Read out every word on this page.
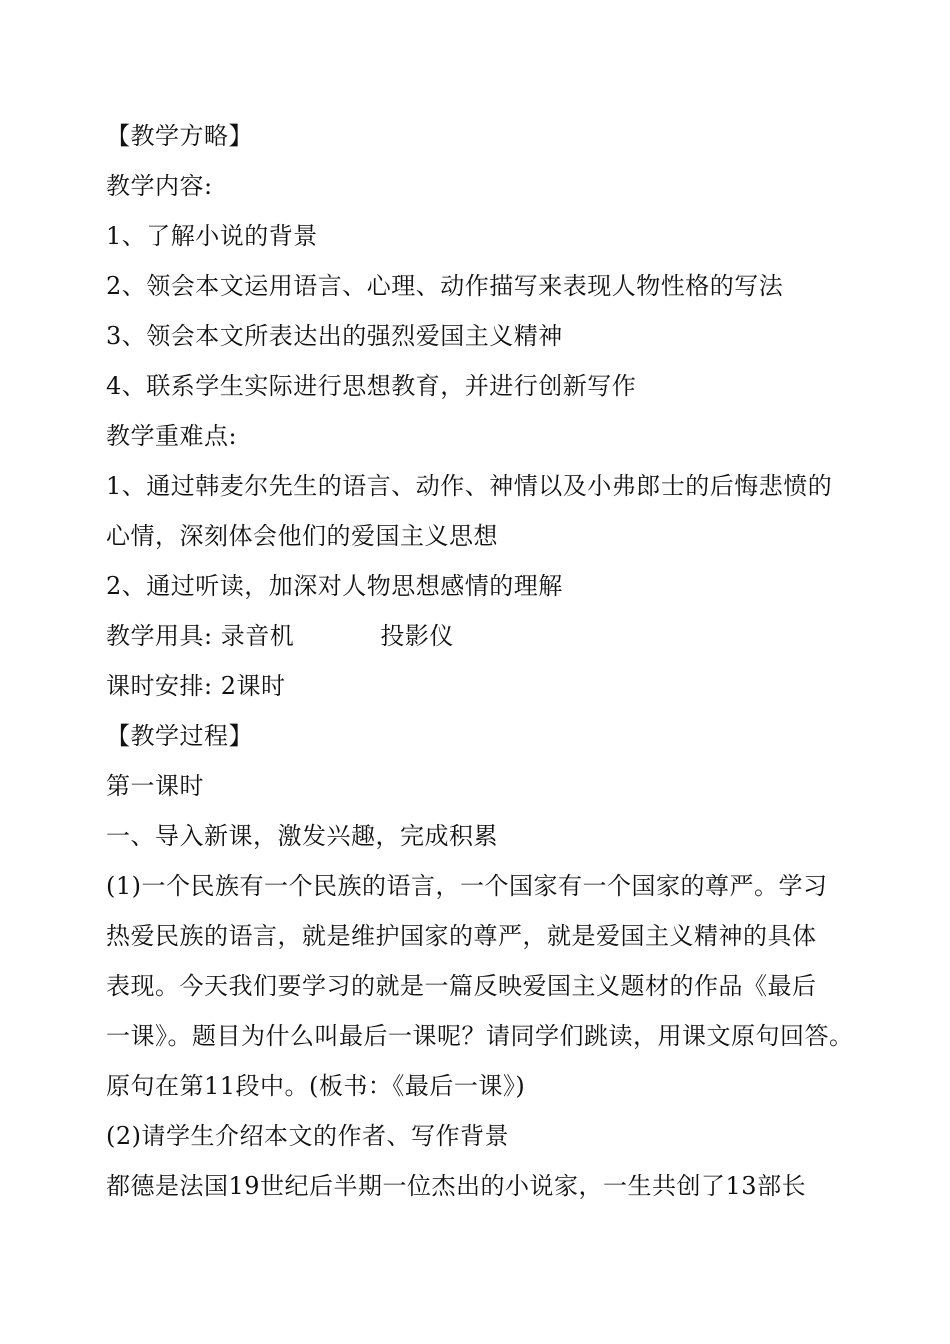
【教学方略】
教学内容:
1、了解小说的背景
2、领会本文运用语言、心理、动作描写来表现人物性格的写法
3、领会本文所表达出的强烈爱国主义精神
4、联系学生实际进行思想教育，并进行创新写作
教学重难点:
1、通过韩麦尔先生的语言、动作、神情以及小弗郎士的后悔悲愤的
心情，深刻体会他们的爱国主义思想
2、通过听读，加深对人物思想感情的理解
教学用具: 录音机	投影仪
课时安排: 2课时
【教学过程】
第一课时
一、导入新课，激发兴趣，完成积累
(1)一个民族有一个民族的语言，一个国家有一个国家的尊严。学习
热爱民族的语言，就是维护国家的尊严，就是爱国主义精神的具体
表现。今天我们要学习的就是一篇反映爱国主义题材的作品《最后
一课》。题目为什么叫最后一课呢？请同学们跳读，用课文原句回答。
原句在第11段中。(板书：《最后一课》)
(2)请学生介绍本文的作者、写作背景
都德是法国19世纪后半期一位杰出的小说家，一生共创了13部长
